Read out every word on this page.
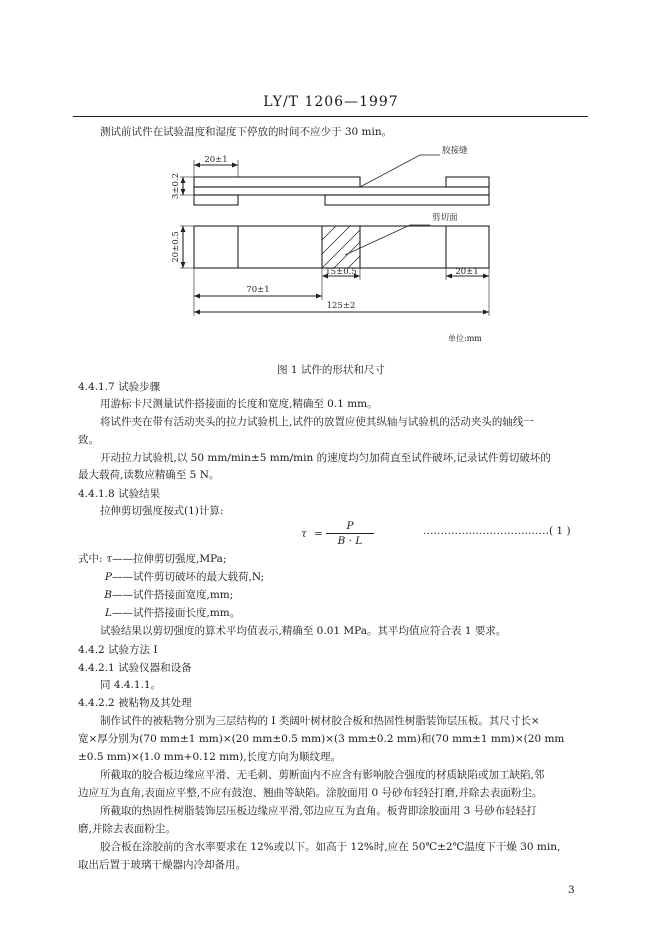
LY/T 1206—1997
测试前试件在试验温度和湿度下停放的时间不应少于 30 min。
3±0.2
20±1
胶接缝
剪切面
20±0.5
15±0.5	20±1
70±1
125±2
单位:mm
图 1 试件的形状和尺寸
4.4.1.7 试验步骤
用游标卡尺测量试件搭接面的长度和宽度,精确至 0.1 mm。
将试件夹在带有活动夹头的拉力试验机上,试件的放置应使其纵轴与试验机的活动夹头的轴线一
致。
开动拉力试验机,以 50 mm/min±5 mm/min 的速度均匀加荷直至试件破坏,记录试件剪切破坏的
最大载荷,读数应精确至 5 N。
4.4.1.8 试验结果
拉伸剪切强度按式(1)计算:
$\tau = \frac{P}{B \cdot L}$	………………………………( 1 )
式中: τ——拉伸剪切强度,MPa;
P——试件剪切破坏的最大载荷,N;
B——试件搭接面宽度,mm;
L——试件搭接面长度,mm。
试验结果以剪切强度的算术平均值表示,精确至 0.01 MPa。其平均值应符合表 1 要求。
4.4.2 试验方法 Ⅰ
4.4.2.1 试验仪器和设备
同 4.4.1.1。
4.4.2.2 被粘物及其处理
制作试件的被粘物分别为三层结构的 Ⅰ 类阔叶树材胶合板和热固性树脂装饰层压板。其尺寸长×
宽×厚分别为(70 mm±1 mm)×(20 mm±0.5 mm)×(3 mm±0.2 mm)和(70 mm±1 mm)×(20 mm
±0.5 mm)×(1.0 mm+0.12 mm),长度方向为顺纹理。
所截取的胶合板边缘应平滑、无毛刺、剪断面内不应含有影响胶合强度的材质缺陷或加工缺陷,邻
边应互为直角,表面应平整,不应有鼓泡、翘曲等缺陷。涂胶面用 0 号砂布轻轻打磨,并除去表面粉尘。
所截取的热固性树脂装饰层压板边缘应平滑,邻边应互为直角。板背即涂胶面用 3 号砂布轻轻打
磨,并除去表面粉尘。
胶合板在涂胶前的含水率要求在 12%或以下。如高于 12%时,应在 50℃±2℃温度下干燥 30 min,
取出后置于玻璃干燥器内冷却备用。
3
